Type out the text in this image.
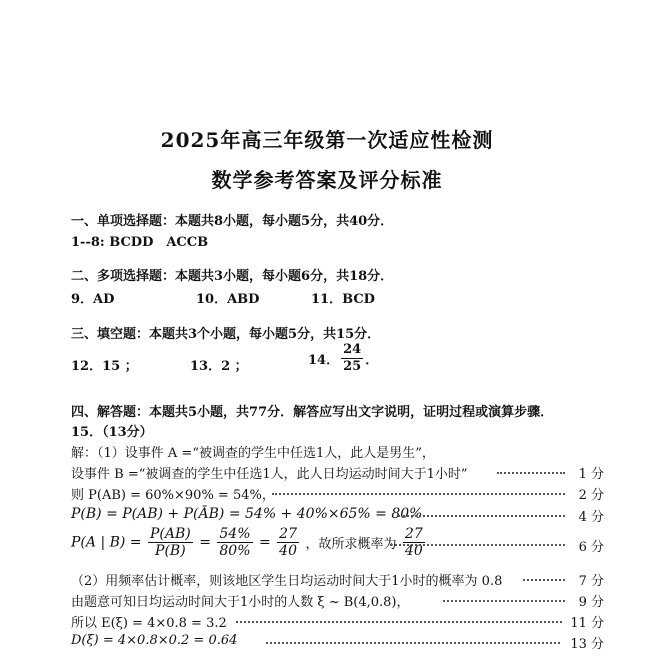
2025年高三年级第一次适应性检测
数学参考答案及评分标准
一、单项选择题：本题共8小题，每小题5分，共40分．
1--8: BCDD　ACCB
二、多项选择题：本题共3小题，每小题6分，共18分．
9．AD	10．ABD	11．BCD
三、填空题：本题共3个小题，每小题5分，共15分．
12．15 ；	13．2 ；	14． $\frac{24}{25}$ ．
四、解答题：本题共5小题，共77分．解答应写出文字说明，证明过程或演算步骤．
15．（13分）
解：（1）设事件 A =“被调查的学生中任选1人，此人是男生”，
设事件 B =“被调查的学生中任选1人，此人日均运动时间大于1小时”	1 分
则 P(AB) = 60%×90% = 54%，	2 分
P(B) = P(AB) + P(ĀB) = 54% + 40%×65% = 80%	4 分
P(A | $B) = \frac{P(AB)}{P(B)} = \frac{54\%}{80\%} = \frac{27}{40}$ ，故所求概率为 $\frac{27}{40}$	6 分
（2）用频率估计概率，则该地区学生日均运动时间大于1小时的概率为 0.8	7 分
由题意可知日均运动时间大于1小时的人数 ξ ~ B(4,0.8)，	9 分
所以 E(ξ) = 4×0.8 = 3.2	11 分
D(ξ) = 4×0.8×0.2 = 0.64	13 分
